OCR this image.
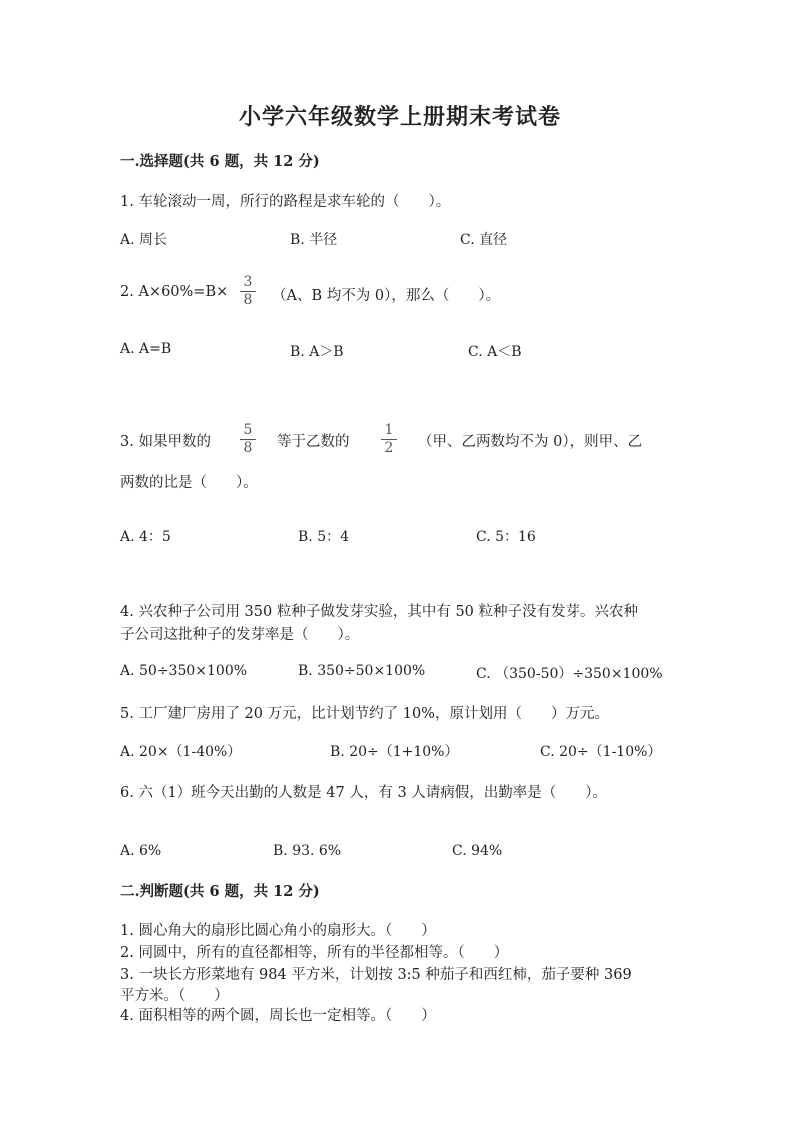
小学六年级数学上册期末考试卷
一.选择题(共 6 题，共 12 分)
1. 车轮滚动一周，所行的路程是求车轮的（　　）。
A. 周长	B. 半径	C. 直径
2. A×60%=B×
3
8 （A、B 均不为 0），那么（　　）。
A. A=B	B. A＞B	C. A＜B
3. 如果甲数的
5
8 等于乙数的
1
2 （甲、乙两数均不为 0），则甲、乙
两数的比是（　　）。
A. 4：5	B. 5：4	C. 5：16
4. 兴农种子公司用 350 粒种子做发芽实验，其中有 50 粒种子没有发芽。兴农种
子公司这批种子的发芽率是（　　）。
A. 50÷350×100%	B. 350÷50×100%	C. （350-50）÷350×100%
5. 工厂建厂房用了 20 万元，比计划节约了 10%，原计划用（　　）万元。
A. 20×（1-40%）	B. 20÷（1+10%）	C. 20÷（1-10%）
6. 六（1）班今天出勤的人数是 47 人，有 3 人请病假，出勤率是（　　）。
A. 6%	B. 93. 6%	C. 94%
二.判断题(共 6 题，共 12 分)
1. 圆心角大的扇形比圆心角小的扇形大。（　　）
2. 同圆中，所有的直径都相等，所有的半径都相等。（　　）
3. 一块长方形菜地有 984 平方米，计划按 3:5 种茄子和西红柿，茄子要种 369
平方米。（　　）
4. 面积相等的两个圆，周长也一定相等。（　　）
